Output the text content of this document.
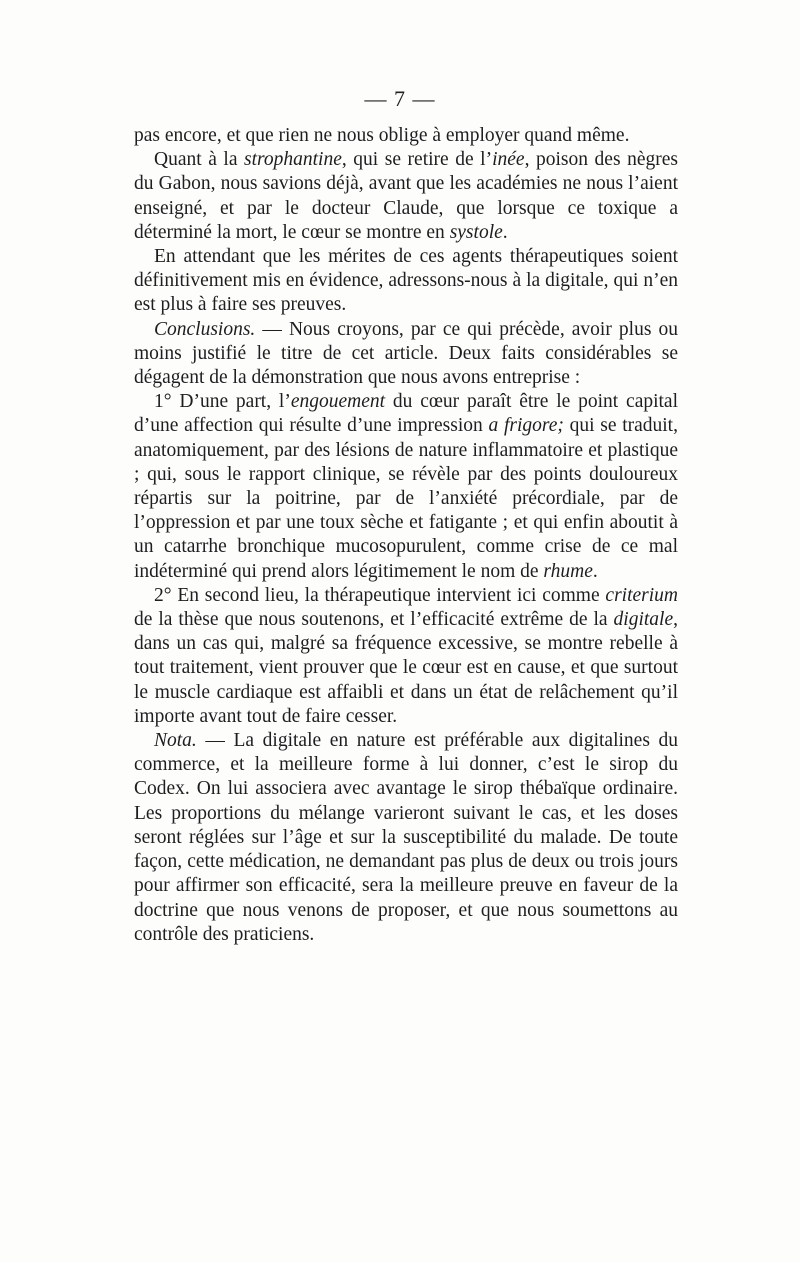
— 7 —

pas encore, et que rien ne nous oblige à employer quand même.

Quant à la strophantine, qui se retire de l’inée, poison des nègres du Gabon, nous savions déjà, avant que les académies ne nous l’aient enseigné, et par le docteur Claude, que lorsque ce toxique a déterminé la mort, le cœur se montre en systole.

En attendant que les mérites de ces agents thérapeutiques soient définitivement mis en évidence, adressons-nous à la digitale, qui n’en est plus à faire ses preuves.

Conclusions. — Nous croyons, par ce qui précède, avoir plus ou moins justifié le titre de cet article. Deux faits considérables se dégagent de la démonstration que nous avons entreprise :

1° D’une part, l’engouement du cœur paraît être le point capital d’une affection qui résulte d’une impression a frigore; qui se traduit, anatomiquement, par des lésions de nature inflammatoire et plastique ; qui, sous le rapport clinique, se révèle par des points douloureux répartis sur la poitrine, par de l’anxiété précordiale, par de l’oppression et par une toux sèche et fatigante ; et qui enfin aboutit à un catarrhe bronchique mucosopurulent, comme crise de ce mal indéterminé qui prend alors légitimement le nom de rhume.

2° En second lieu, la thérapeutique intervient ici comme criterium de la thèse que nous soutenons, et l’efficacité extrême de la digitale, dans un cas qui, malgré sa fréquence excessive, se montre rebelle à tout traitement, vient prouver que le cœur est en cause, et que surtout le muscle cardiaque est affaibli et dans un état de relâchement qu’il importe avant tout de faire cesser.

Nota. — La digitale en nature est préférable aux digitalines du commerce, et la meilleure forme à lui donner, c’est le sirop du Codex. On lui associera avec avantage le sirop thébaïque ordinaire. Les proportions du mélange varieront suivant le cas, et les doses seront réglées sur l’âge et sur la susceptibilité du malade. De toute façon, cette médication, ne demandant pas plus de deux ou trois jours pour affirmer son efficacité, sera la meilleure preuve en faveur de la doctrine que nous venons de proposer, et que nous soumettons au contrôle des praticiens.
